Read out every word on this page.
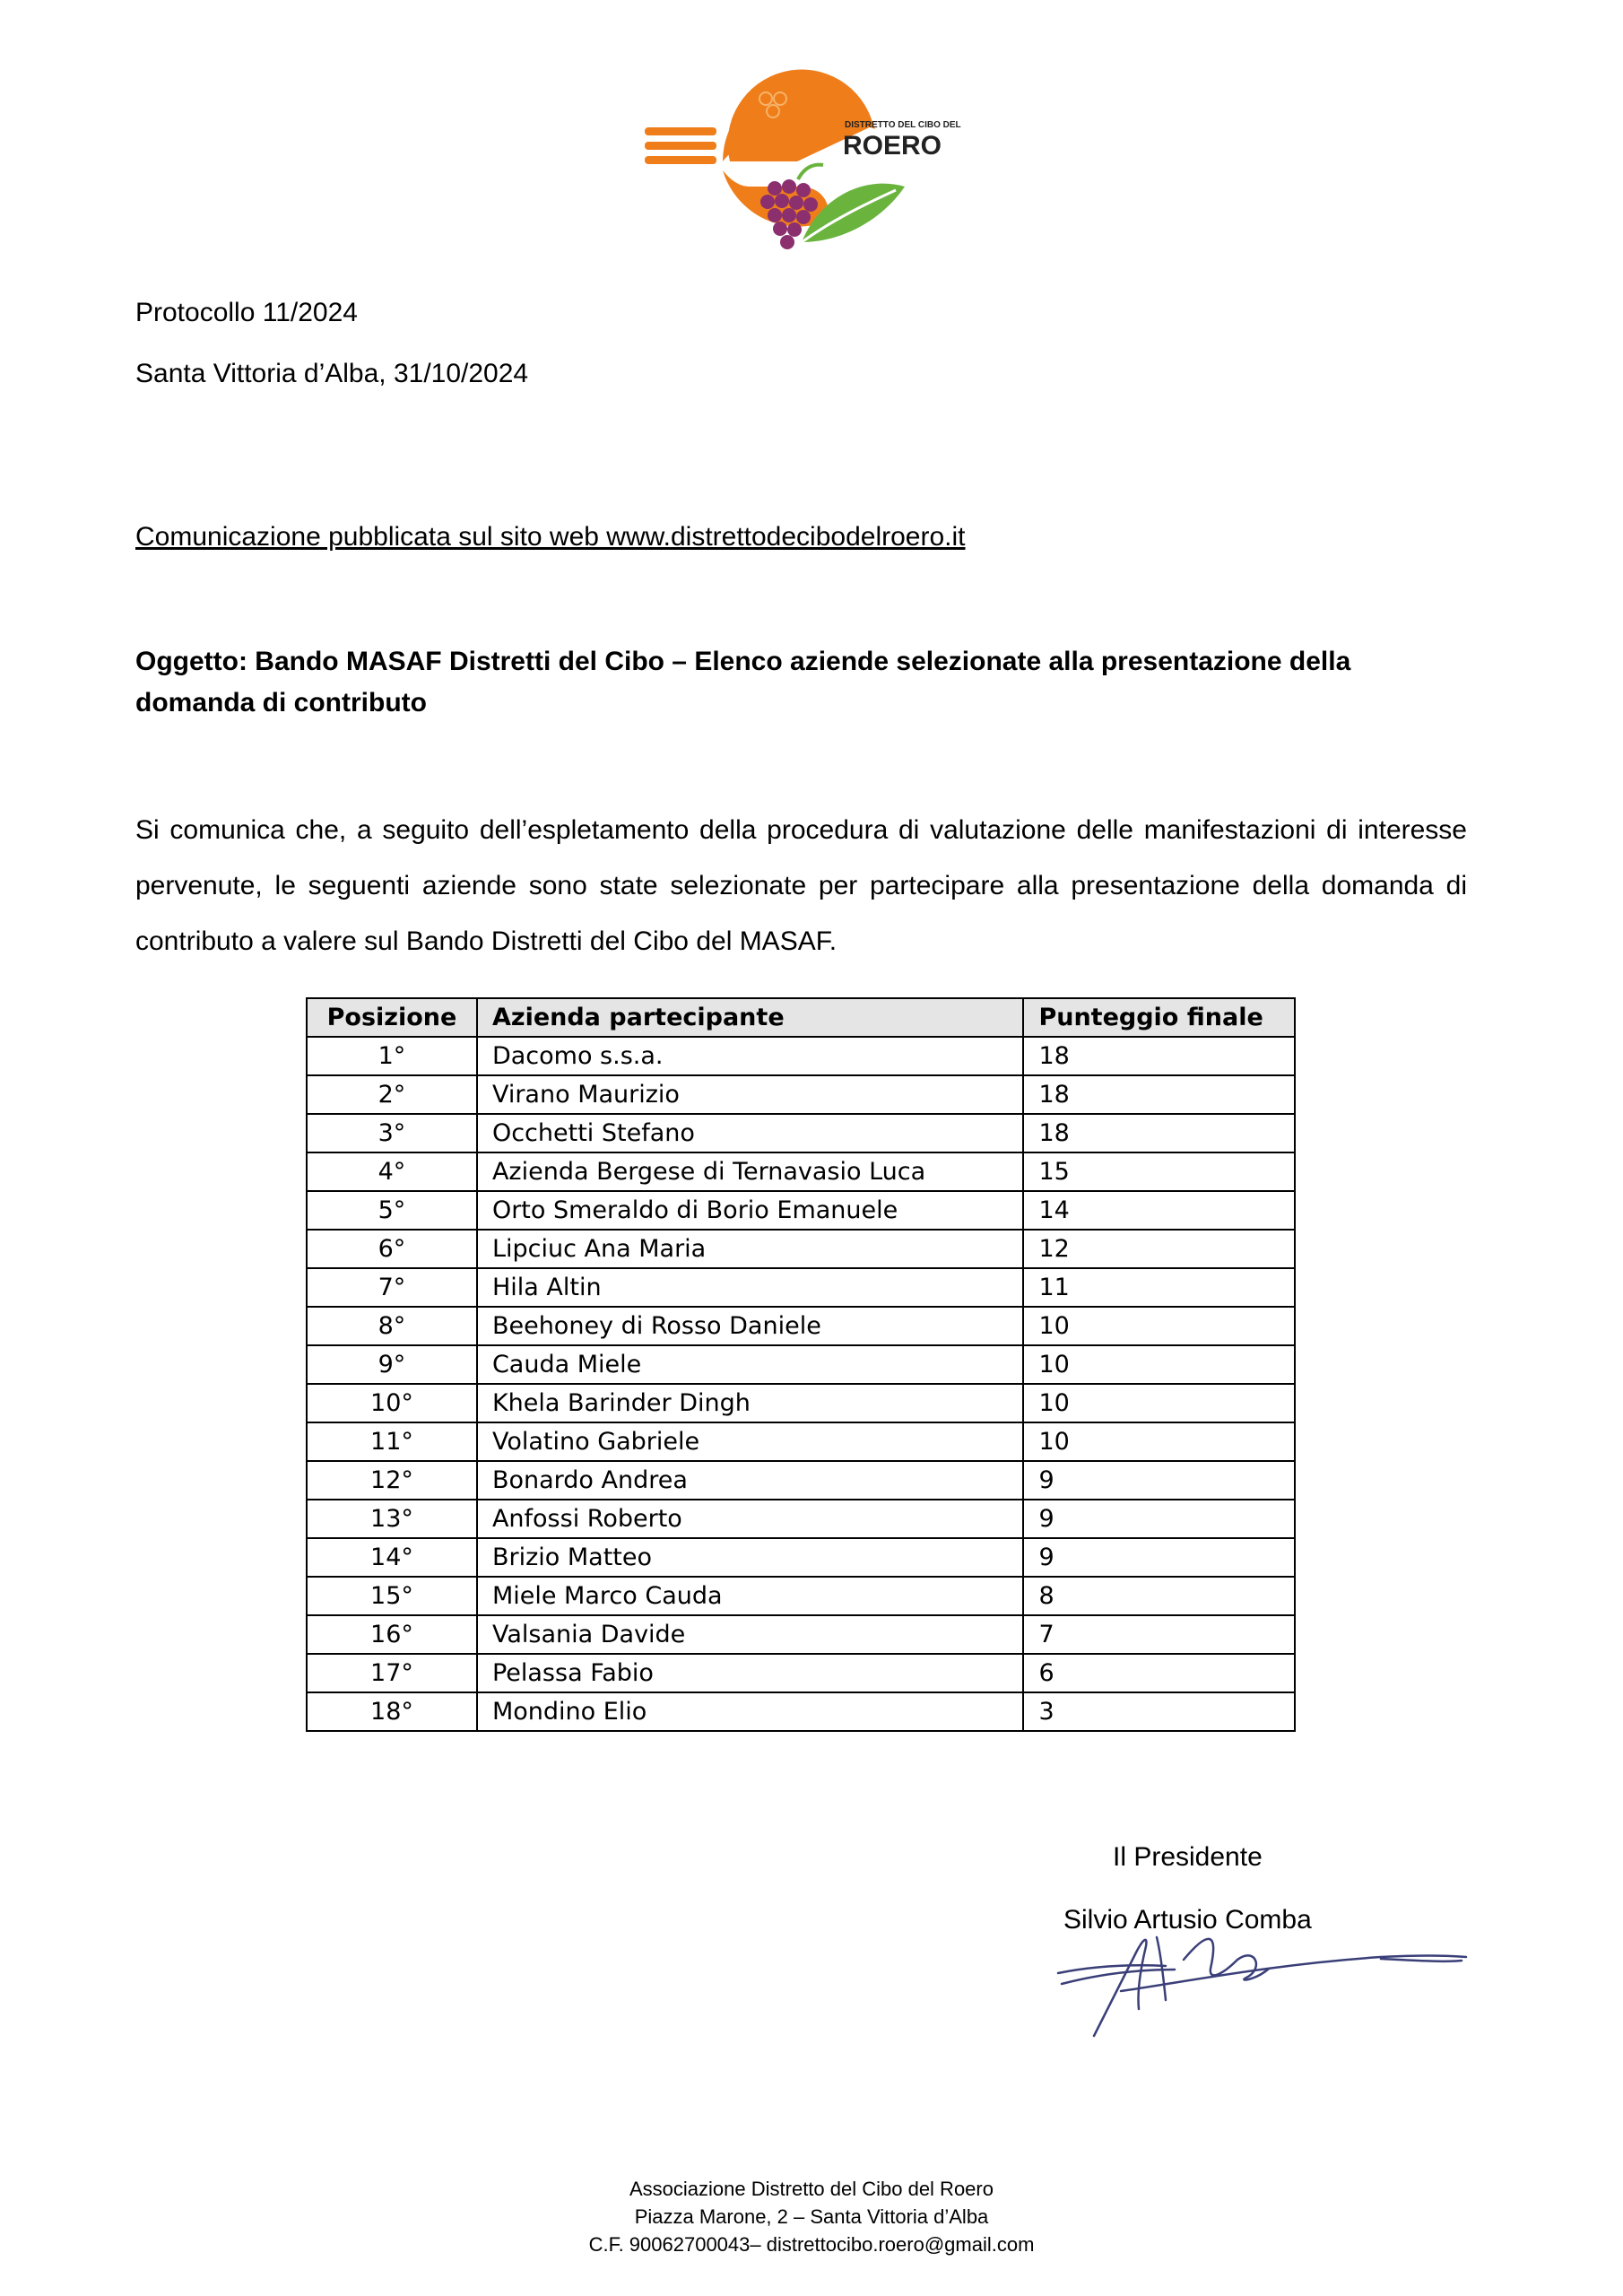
DISTRETTO DEL CIBO DEL
ROERO
Protocollo 11/2024
Santa Vittoria d’Alba, 31/10/2024
Comunicazione pubblicata sul sito web www.distrettodecibodelroero.it
Oggetto: Bando MASAF Distretti del Cibo – Elenco aziende selezionate alla presentazione della domanda di contributo
Si comunica che, a seguito dell’espletamento della procedura di valutazione delle manifestazioni di interesse pervenute, le seguenti aziende sono state selezionate per partecipare alla presentazione della domanda di contributo a valere sul Bando Distretti del Cibo del MASAF.
Posizione	Azienda partecipante	Punteggio finale
1°	Dacomo s.s.a.	18
2°	Virano Maurizio	18
3°	Occhetti Stefano	18
4°	Azienda Bergese di Ternavasio Luca	15
5°	Orto Smeraldo di Borio Emanuele	14
6°	Lipciuc Ana Maria	12
7°	Hila Altin	11
8°	Beehoney di Rosso Daniele	10
9°	Cauda Miele	10
10°	Khela Barinder Dingh	10
11°	Volatino Gabriele	10
12°	Bonardo Andrea	9
13°	Anfossi Roberto	9
14°	Brizio Matteo	9
15°	Miele Marco Cauda	8
16°	Valsania Davide	7
17°	Pelassa Fabio	6
18°	Mondino Elio	3
Il Presidente
Silvio Artusio Comba
Associazione Distretto del Cibo del Roero
Piazza Marone, 2 – Santa Vittoria d’Alba
C.F. 90062700043– distrettocibo.roero@gmail.com
